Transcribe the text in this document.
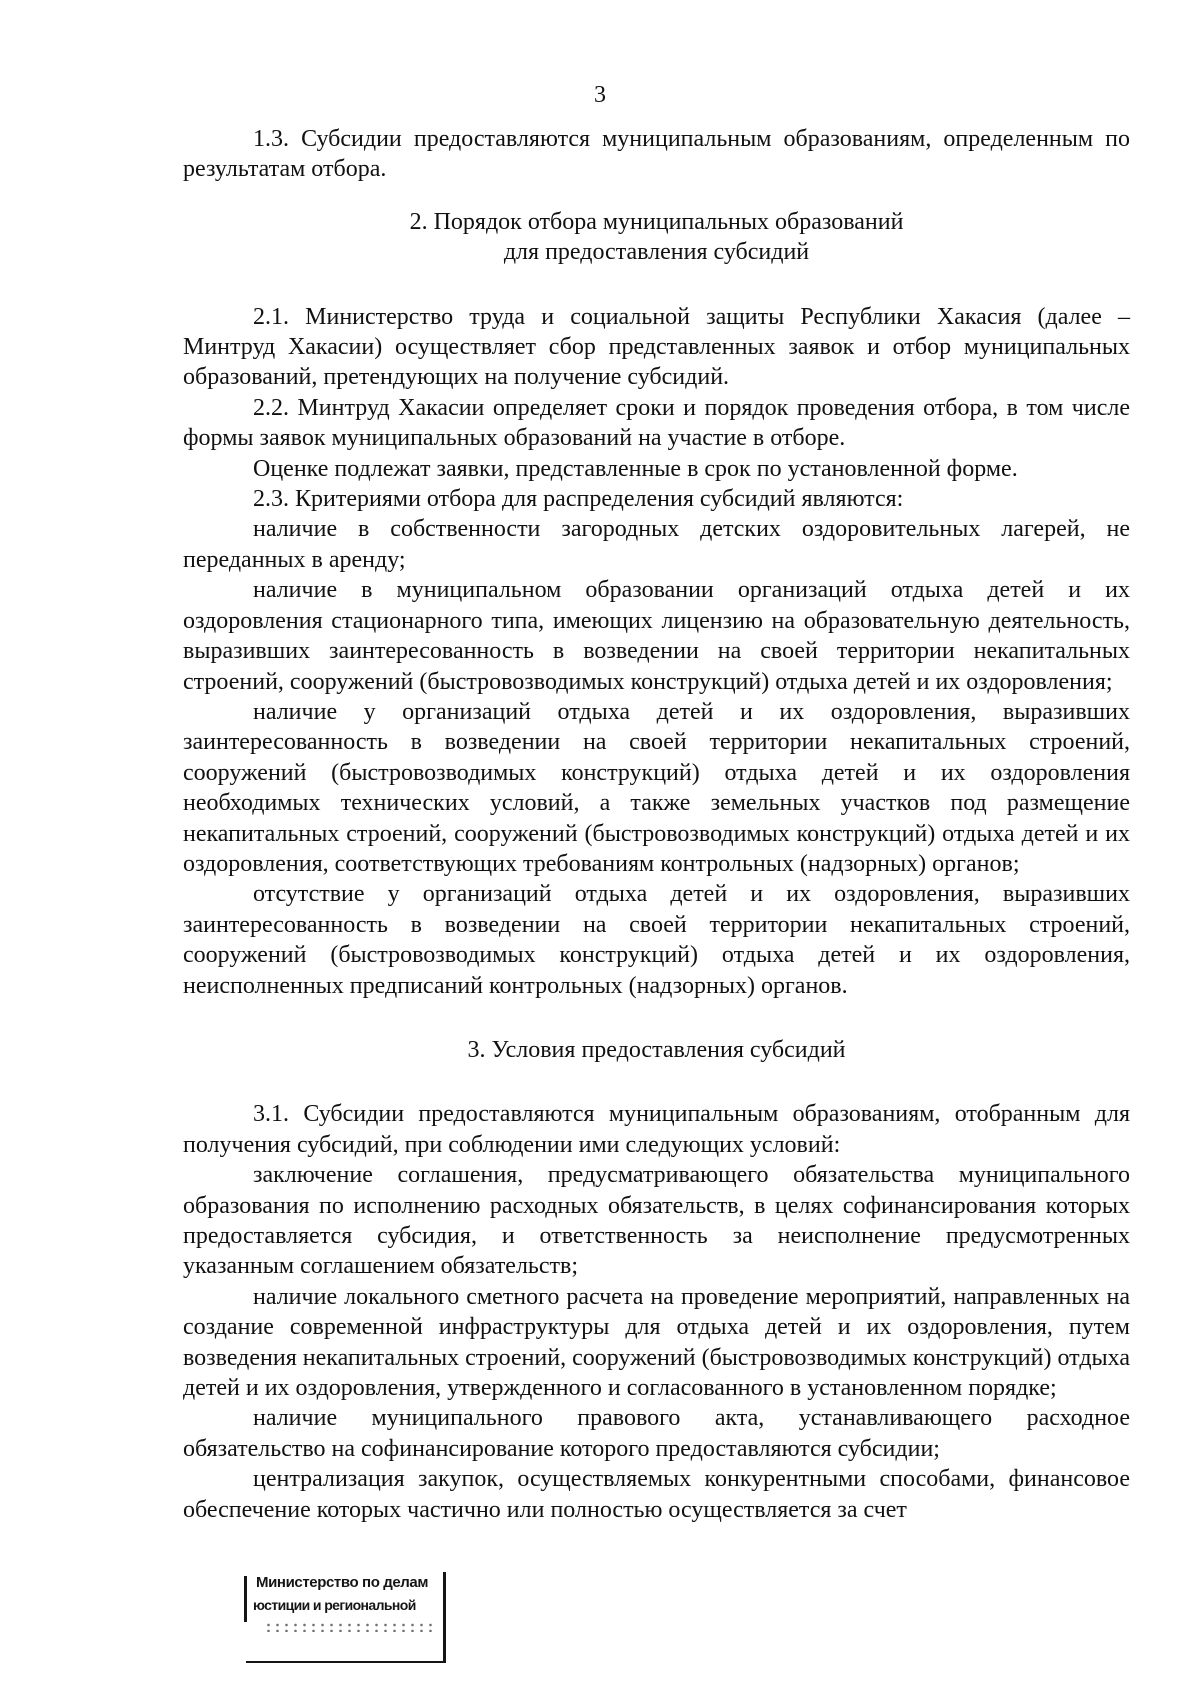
3

1.3. Субсидии предоставляются муниципальным образованиям, определенным по результатам отбора.

2. Порядок отбора муниципальных образований
для предоставления субсидий

2.1. Министерство труда и социальной защиты Республики Хакасия (далее – Минтруд Хакасии) осуществляет сбор представленных заявок и отбор муниципальных образований, претендующих на получение субсидий.

2.2. Минтруд Хакасии определяет сроки и порядок проведения отбора, в том числе формы заявок муниципальных образований на участие в отборе.

Оценке подлежат заявки, представленные в срок по установленной форме.

2.3. Критериями отбора для распределения субсидий являются:

наличие в собственности загородных детских оздоровительных лагерей, не переданных в аренду;

наличие в муниципальном образовании организаций отдыха детей и их оздоровления стационарного типа, имеющих лицензию на образовательную деятельность, выразивших заинтересованность в возведении на своей территории некапитальных строений, сооружений (быстровозводимых конструкций) отдыха детей и их оздоровления;

наличие у организаций отдыха детей и их оздоровления, выразивших заинтересованность в возведении на своей территории некапитальных строений, сооружений (быстровозводимых конструкций) отдыха детей и их оздоровления необходимых технических условий, а также земельных участков под размещение некапитальных строений, сооружений (быстровозводимых конструкций) отдыха детей и их оздоровления, соответствующих требованиям контрольных (надзорных) органов;

отсутствие у организаций отдыха детей и их оздоровления, выразивших заинтересованность в возведении на своей территории некапитальных строений, сооружений (быстровозводимых конструкций) отдыха детей и их оздоровления, неисполненных предписаний контрольных (надзорных) органов.

3. Условия предоставления субсидий

3.1. Субсидии предоставляются муниципальным образованиям, отобранным для получения субсидий, при соблюдении ими следующих условий:

заключение соглашения, предусматривающего обязательства муниципального образования по исполнению расходных обязательств, в целях софинансирования которых предоставляется субсидия, и ответственность за неисполнение предусмотренных указанным соглашением обязательств;

наличие локального сметного расчета на проведение мероприятий, направленных на создание современной инфраструктуры для отдыха детей и их оздоровления, путем возведения некапитальных строений, сооружений (быстровозводимых конструкций) отдыха детей и их оздоровления, утвержденного и согласованного в установленном порядке;

наличие муниципального правового акта, устанавливающего расходное обязательство на софинансирование которого предоставляются субсидии;

централизация закупок, осуществляемых конкурентными способами, финансовое обеспечение которых частично или полностью осуществляется за счет

Министерство по делам
юстиции и региональной
